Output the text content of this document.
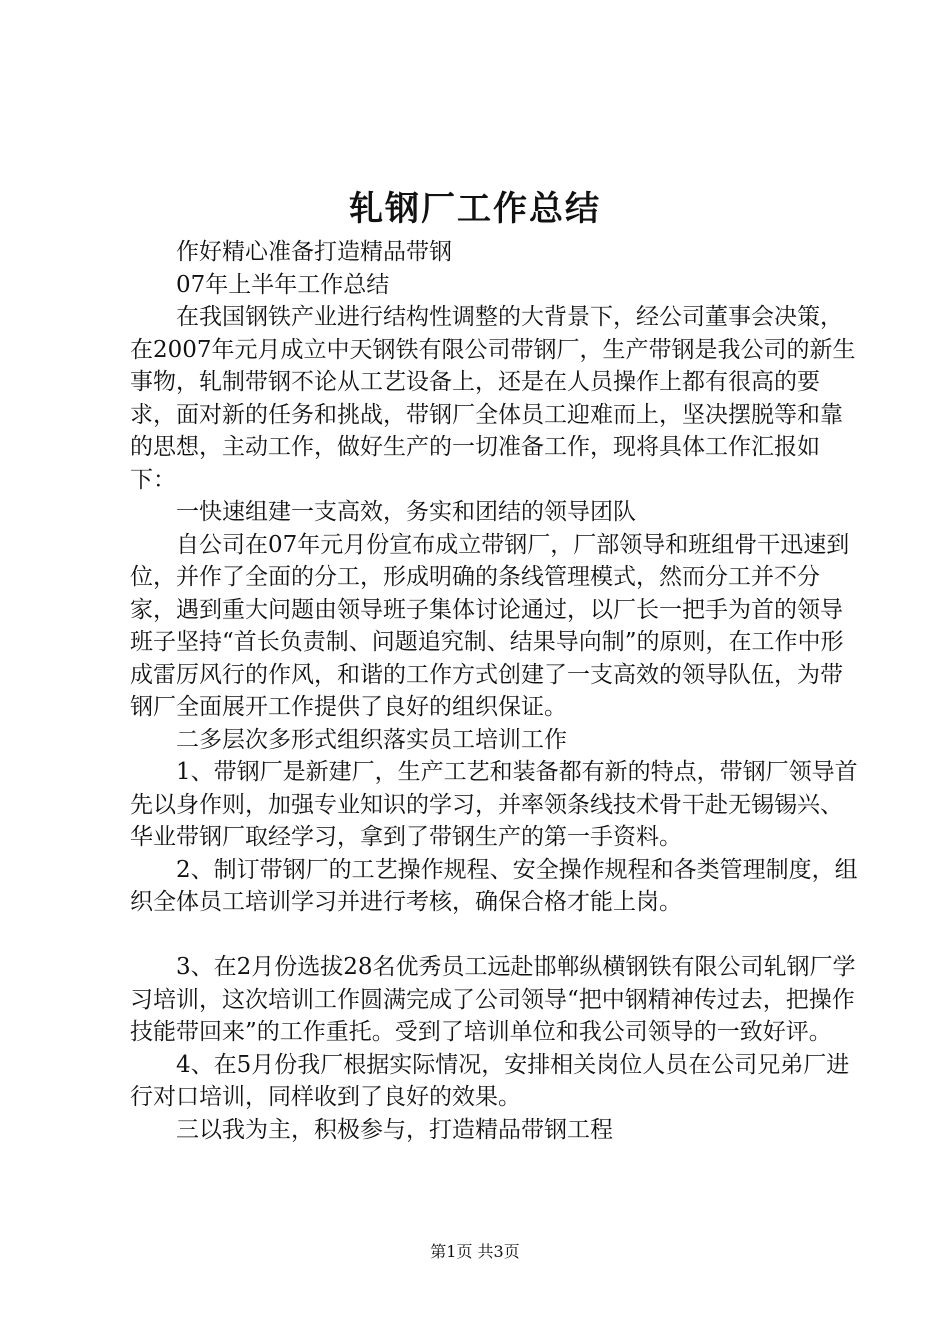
轧钢厂工作总结

作好精心准备打造精品带钢

07年上半年工作总结

在我国钢铁产业进行结构性调整的大背景下，经公司董事会决策，在2007年元月成立中天钢铁有限公司带钢厂，生产带钢是我公司的新生事物，轧制带钢不论从工艺设备上，还是在人员操作上都有很高的要求，面对新的任务和挑战，带钢厂全体员工迎难而上，坚决摆脱等和靠的思想，主动工作，做好生产的一切准备工作，现将具体工作汇报如下：

一快速组建一支高效，务实和团结的领导团队

自公司在07年元月份宣布成立带钢厂，厂部领导和班组骨干迅速到位，并作了全面的分工，形成明确的条线管理模式，然而分工并不分家，遇到重大问题由领导班子集体讨论通过，以厂长一把手为首的领导班子坚持“首长负责制、问题追究制、结果导向制”的原则，在工作中形成雷厉风行的作风，和谐的工作方式创建了一支高效的领导队伍，为带钢厂全面展开工作提供了良好的组织保证。

二多层次多形式组织落实员工培训工作

1、带钢厂是新建厂，生产工艺和装备都有新的特点，带钢厂领导首先以身作则，加强专业知识的学习，并率领条线技术骨干赴无锡锡兴、华业带钢厂取经学习，拿到了带钢生产的第一手资料。

2、制订带钢厂的工艺操作规程、安全操作规程和各类管理制度，组织全体员工培训学习并进行考核，确保合格才能上岗。

3、在2月份选拔28名优秀员工远赴邯郸纵横钢铁有限公司轧钢厂学习培训，这次培训工作圆满完成了公司领导“把中钢精神传过去，把操作技能带回来”的工作重托。受到了培训单位和我公司领导的一致好评。

4、在5月份我厂根据实际情况，安排相关岗位人员在公司兄弟厂进行对口培训，同样收到了良好的效果。

三以我为主，积极参与，打造精品带钢工程

第1页 共3页
